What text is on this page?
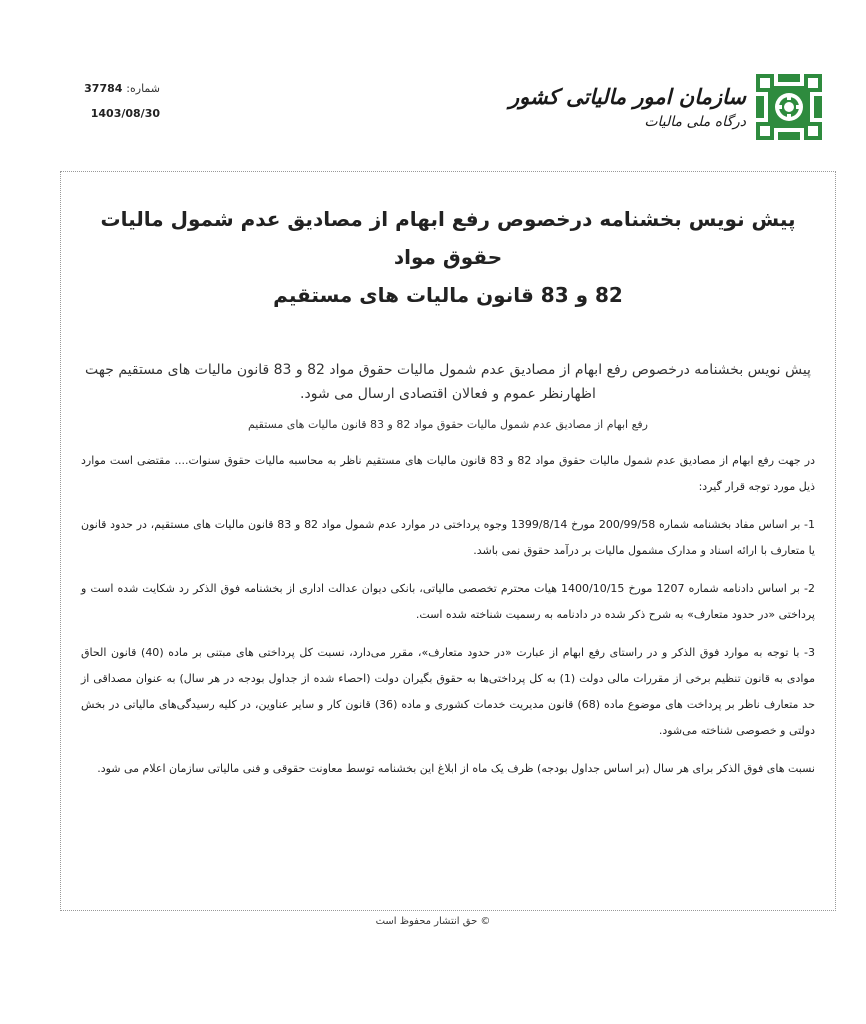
شماره: 37784
1403/08/30
سازمان امور مالیاتی کشور
درگاه ملی مالیات
پیش نویس بخشنامه درخصوص رفع ابهام از مصادیق عدم شمول مالیات حقوق مواد
82 و 83 قانون مالیات های مستقیم
پیش نویس بخشنامه درخصوص رفع ابهام از مصادیق عدم شمول مالیات حقوق مواد 82 و 83 قانون مالیات های مستقیم جهت اظهارنظر عموم و فعالان اقتصادی ارسال می شود.
رفع ابهام از مصادیق عدم شمول مالیات حقوق مواد 82 و 83 قانون مالیات های مستقیم

در جهت رفع ابهام از مصادیق عدم شمول مالیات حقوق مواد 82 و 83 قانون مالیات های مستقیم ناظر به محاسبه مالیات حقوق سنوات.... مقتضی است موارد ذیل مورد توجه قرار گیرد:

1- بر اساس مفاد بخشنامه شماره 200/99/58 مورخ 1399/8/14 وجوه پرداختی در موارد عدم شمول مواد 82 و 83 قانون مالیات های مستقیم، در حدود قانون یا متعارف با ارائه اسناد و مدارک مشمول مالیات بر درآمد حقوق نمی باشد.

2- بر اساس دادنامه شماره 1207 مورخ 1400/10/15 هیات محترم تخصصی مالیاتی، بانکی دیوان عدالت اداری از بخشنامه فوق الذکر رد شکایت شده است و پرداختی «در حدود متعارف» به شرح ذکر شده در دادنامه به رسمیت شناخته شده است.

3- با توجه به موارد فوق الذکر و در راستای رفع ابهام از عبارت «در حدود متعارف»، مقرر می‌دارد، نسبت کل پرداختی های مبتنی بر ماده (40) قانون الحاق موادی به قانون تنظیم برخی از مقررات مالی دولت (1) به کل پرداختی‌ها به حقوق بگیران دولت (احصاء شده از جداول بودجه در هر سال) به عنوان مصداقی از حد متعارف ناظر بر پرداخت های موضوع ماده (68) قانون مدیریت خدمات کشوری و ماده (36) قانون کار و سایر عناوین، در کلیه رسیدگی‌های مالیاتی در بخش دولتی و خصوصی شناخته می‌شود.

نسبت های فوق الذکر برای هر سال (بر اساس جداول بودجه) ظرف یک ماه از ابلاغ این بخشنامه توسط معاونت حقوقی و فنی مالیاتی سازمان اعلام می شود.

© حق انتشار محفوظ است
